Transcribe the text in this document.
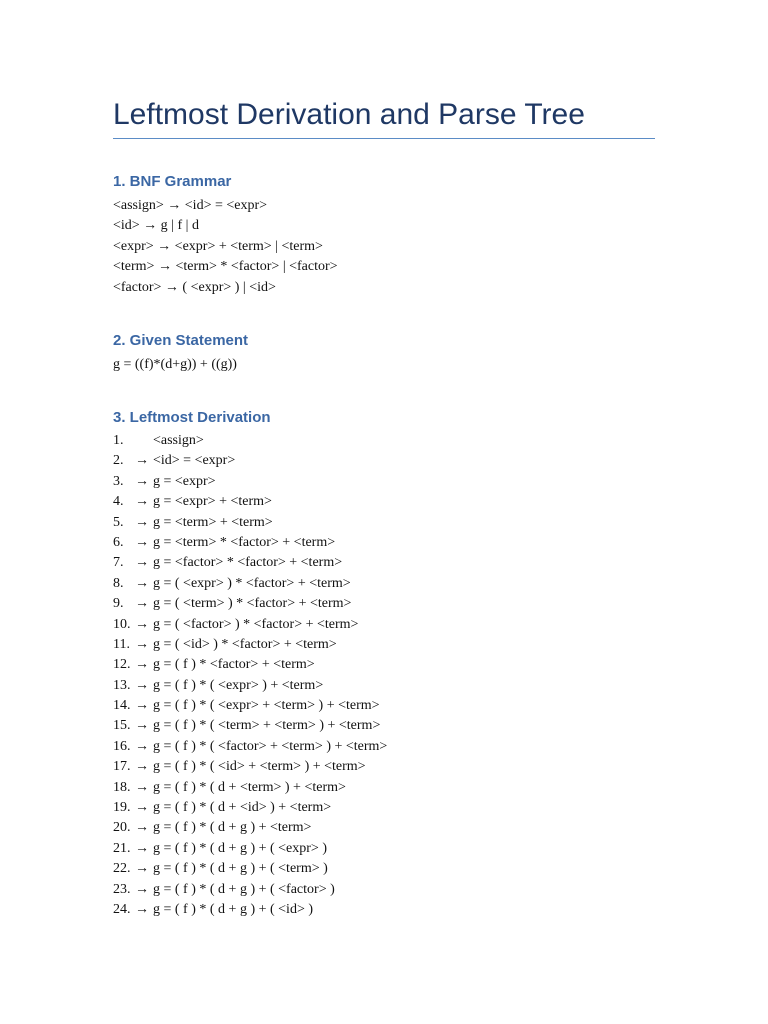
Leftmost Derivation and Parse Tree
1. BNF Grammar
<assign> → <id> = <expr>
<id> → g | f | d
<expr> → <expr> + <term> | <term>
<term> → <term> * <factor> | <factor>
<factor> → ( <expr> ) | <id>
2. Given Statement
g = ((f)*(d+g)) + ((g))
3. Leftmost Derivation
1. <assign>
2. → <id> = <expr>
3. → g = <expr>
4. → g = <expr> + <term>
5. → g = <term> + <term>
6. → g = <term> * <factor> + <term>
7. → g = <factor> * <factor> + <term>
8. → g = ( <expr> ) * <factor> + <term>
9. → g = ( <term> ) * <factor> + <term>
10. → g = ( <factor> ) * <factor> + <term>
11. → g = ( <id> ) * <factor> + <term>
12. → g = ( f ) * <factor> + <term>
13. → g = ( f ) * ( <expr> ) + <term>
14. → g = ( f ) * ( <expr> + <term> ) + <term>
15. → g = ( f ) * ( <term> + <term> ) + <term>
16. → g = ( f ) * ( <factor> + <term> ) + <term>
17. → g = ( f ) * ( <id> + <term> ) + <term>
18. → g = ( f ) * ( d + <term> ) + <term>
19. → g = ( f ) * ( d + <id> ) + <term>
20. → g = ( f ) * ( d + g ) + <term>
21. → g = ( f ) * ( d + g ) + ( <expr> )
22. → g = ( f ) * ( d + g ) + ( <term> )
23. → g = ( f ) * ( d + g ) + ( <factor> )
24. → g = ( f ) * ( d + g ) + ( <id> )
